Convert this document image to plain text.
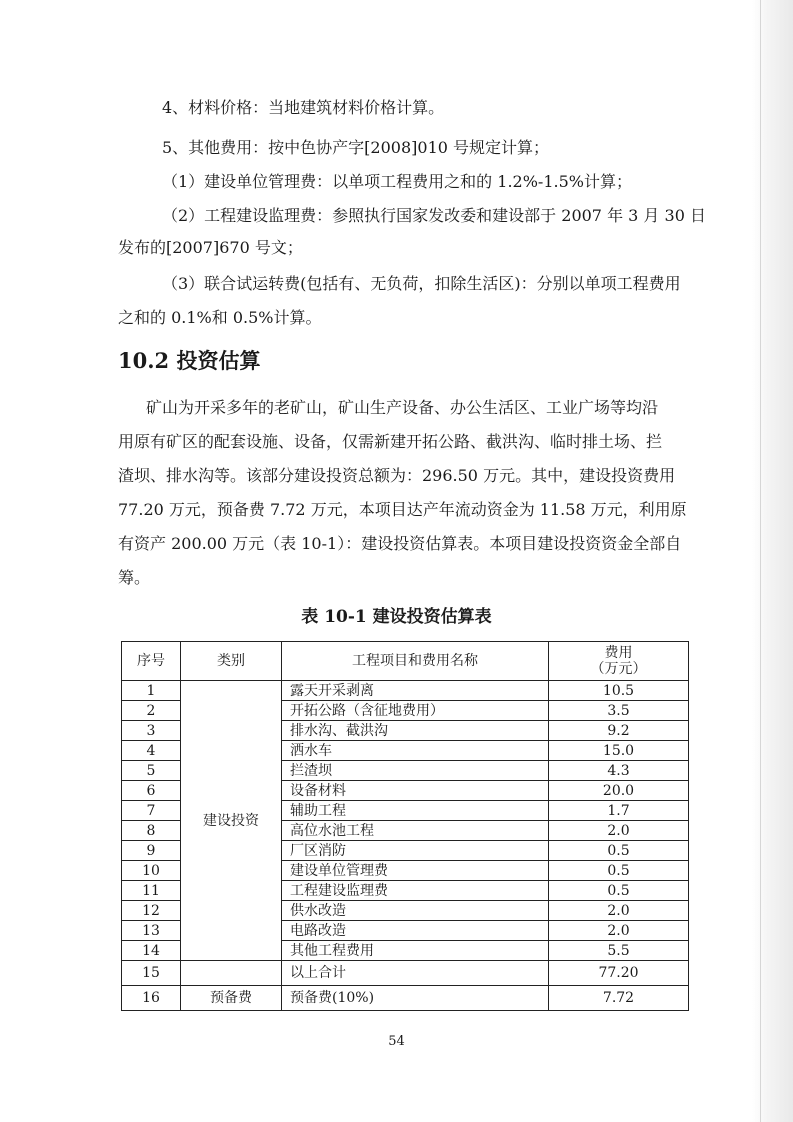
4、材料价格：当地建筑材料价格计算。

5、其他费用：按中色协产字[2008]010 号规定计算；

（1）建设单位管理费：以单项工程费用之和的 1.2%-1.5%计算；

（2）工程建设监理费：参照执行国家发改委和建设部于 2007 年 3 月 30 日

发布的[2007]670 号文；

（3）联合试运转费(包括有、无负荷，扣除生活区)：分别以单项工程费用

之和的 0.1%和 0.5%计算。

10.2 投资估算
矿山为开采多年的老矿山，矿山生产设备、办公生活区、工业广场等均沿
用原有矿区的配套设施、设备，仅需新建开拓公路、截洪沟、临时排土场、拦
渣坝、排水沟等。该部分建设投资总额为：296.50 万元。其中，建设投资费用
77.20 万元，预备费 7.72 万元，本项目达产年流动资金为 11.58 万元，利用原
有资产 200.00 万元（表 10-1）：建设投资估算表。本项目建设投资资金全部自
筹。
表 10-1 建设投资估算表
序号	类别	工程项目和费用名称	费用
（万元）

1	建设投资	露天开采剥离	10.5
2		开拓公路（含征地费用）	3.5
3		排水沟、截洪沟	9.2
4		洒水车	15.0
5		拦渣坝	4.3
6		设备材料	20.0
7		辅助工程	1.7
8		高位水池工程	2.0
9		厂区消防	0.5
10		建设单位管理费	0.5
11		工程建设监理费	0.5
12		供水改造	2.0
13		电路改造	2.0
14		其他工程费用	5.5
15		以上合计	77.20
16	预备费	预备费(10%)	7.72
54
